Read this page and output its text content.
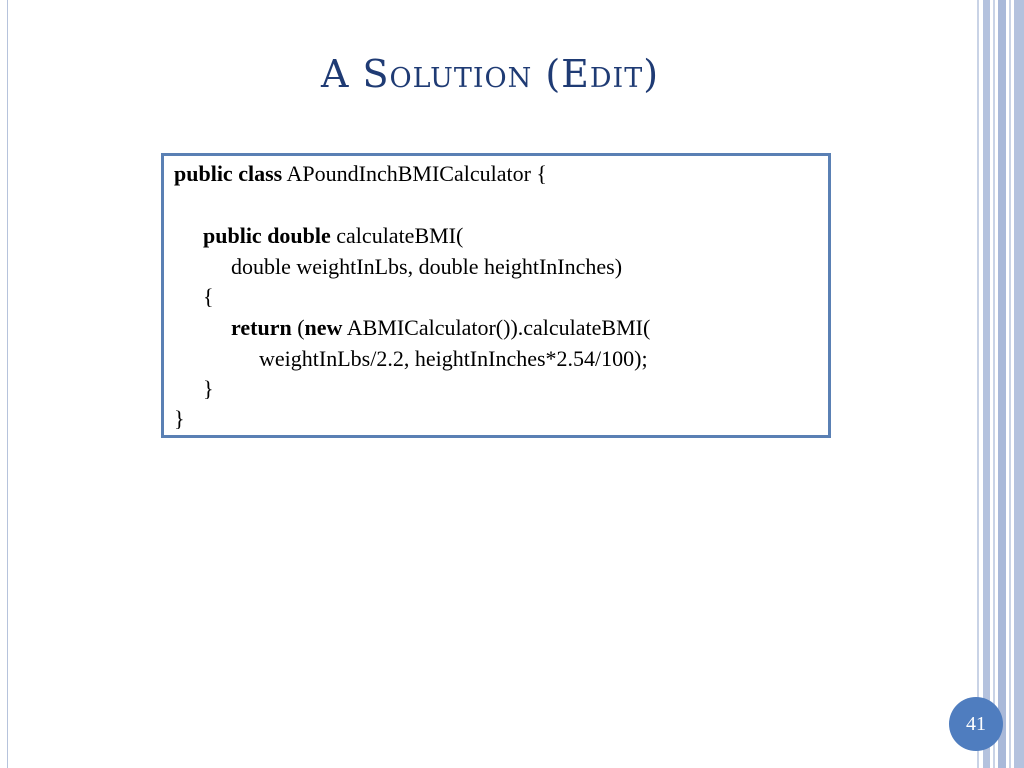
A Solution (Edit)
public class APoundInchBMICalculator {
public double calculateBMI(
double weightInLbs, double heightInInches)
{
return (new ABMICalculator()).calculateBMI(
weightInLbs/2.2, heightInInches*2.54/100);
}
}
41
